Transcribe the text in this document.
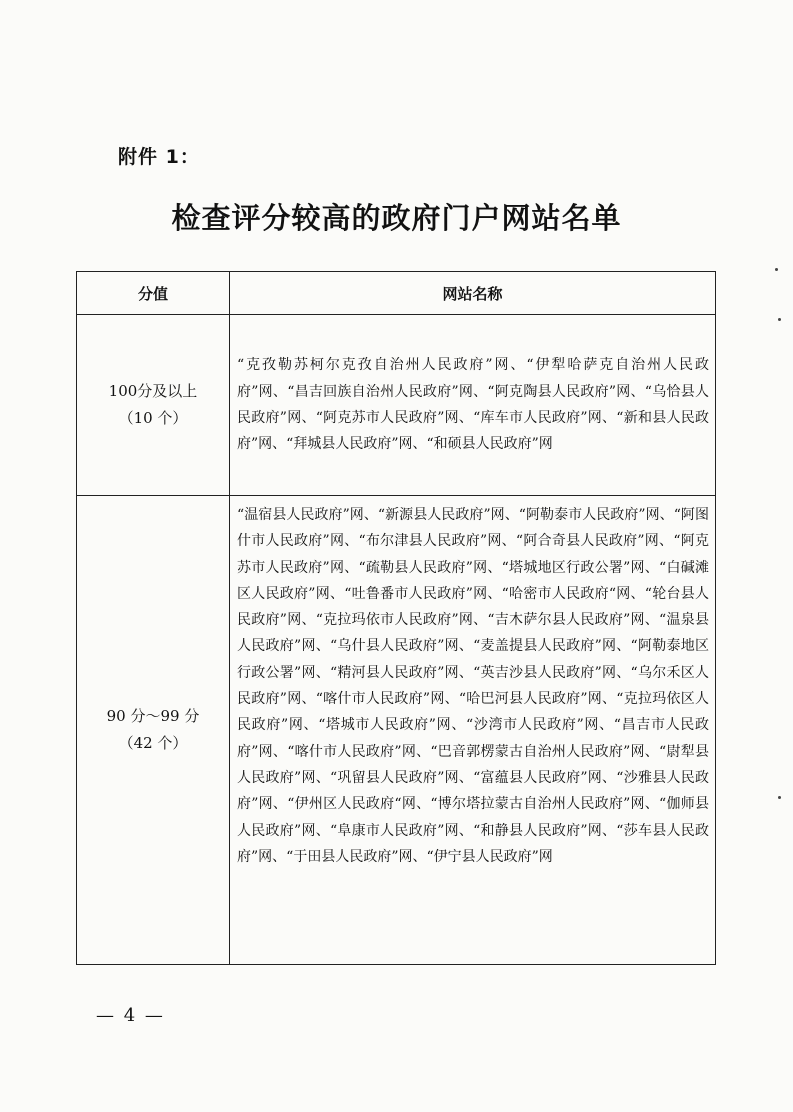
附件 1：
检查评分较高的政府门户网站名单
分值	网站名称

100分及以上
（10 个）	“克孜勒苏柯尔克孜自治州人民政府”网、“伊犁哈萨克自治州人民政府”网、“昌吉回族自治州人民政府”网、“阿克陶县人民政府”网、“乌恰县人民政府”网、“阿克苏市人民政府”网、“库车市人民政府”网、“新和县人民政府”网、“拜城县人民政府”网、“和硕县人民政府”网

90 分～99 分
（42 个）	“温宿县人民政府”网、“新源县人民政府”网、“阿勒泰市人民政府”网、“阿图什市人民政府”网、“布尔津县人民政府”网、“阿合奇县人民政府”网、“阿克苏市人民政府”网、“疏勒县人民政府”网、“塔城地区行政公署”网、“白碱滩区人民政府”网、“吐鲁番市人民政府”网、“哈密市人民政府“网、“轮台县人民政府”网、“克拉玛依市人民政府”网、“吉木萨尔县人民政府”网、“温泉县人民政府”网、“乌什县人民政府”网、“麦盖提县人民政府”网、“阿勒泰地区行政公署”网、“精河县人民政府”网、“英吉沙县人民政府”网、“乌尔禾区人民政府”网、“喀什市人民政府”网、“哈巴河县人民政府”网、“克拉玛依区人民政府”网、“塔城市人民政府”网、“沙湾市人民政府”网、“昌吉市人民政府”网、“喀什市人民政府”网、“巴音郭楞蒙古自治州人民政府”网、“尉犁县人民政府”网、“巩留县人民政府”网、“富蕴县人民政府”网、“沙雅县人民政府”网、“伊州区人民政府“网、“博尔塔拉蒙古自治州人民政府”网、“伽师县人民政府”网、“阜康市人民政府”网、“和静县人民政府”网、“莎车县人民政府”网、“于田县人民政府”网、“伊宁县人民政府”网
— 4 —
